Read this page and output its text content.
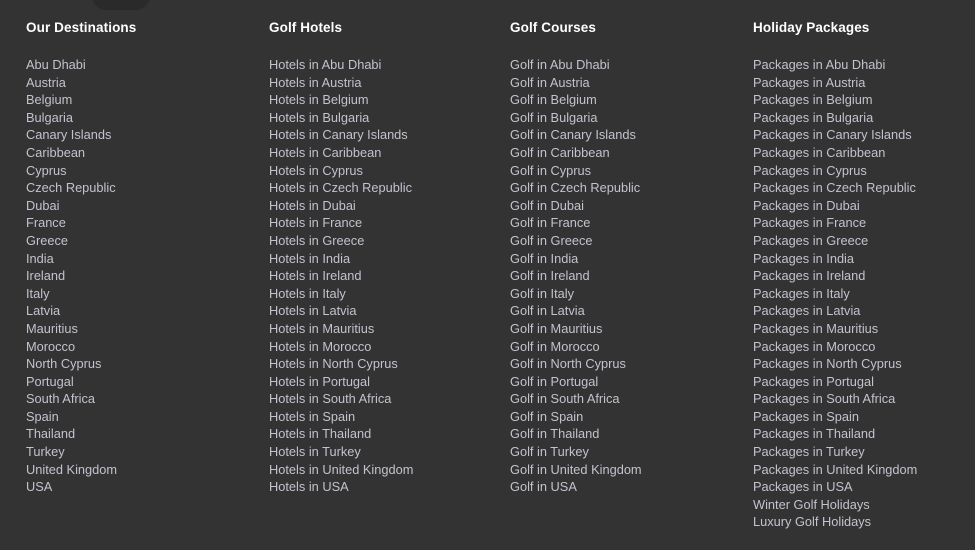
Our Destinations
Abu Dhabi
Austria
Belgium
Bulgaria
Canary Islands
Caribbean
Cyprus
Czech Republic
Dubai
France
Greece
India
Ireland
Italy
Latvia
Mauritius
Morocco
North Cyprus
Portugal
South Africa
Spain
Thailand
Turkey
United Kingdom
USA
Golf Hotels
Hotels in Abu Dhabi
Hotels in Austria
Hotels in Belgium
Hotels in Bulgaria
Hotels in Canary Islands
Hotels in Caribbean
Hotels in Cyprus
Hotels in Czech Republic
Hotels in Dubai
Hotels in France
Hotels in Greece
Hotels in India
Hotels in Ireland
Hotels in Italy
Hotels in Latvia
Hotels in Mauritius
Hotels in Morocco
Hotels in North Cyprus
Hotels in Portugal
Hotels in South Africa
Hotels in Spain
Hotels in Thailand
Hotels in Turkey
Hotels in United Kingdom
Hotels in USA
Golf Courses
Golf in Abu Dhabi
Golf in Austria
Golf in Belgium
Golf in Bulgaria
Golf in Canary Islands
Golf in Caribbean
Golf in Cyprus
Golf in Czech Republic
Golf in Dubai
Golf in France
Golf in Greece
Golf in India
Golf in Ireland
Golf in Italy
Golf in Latvia
Golf in Mauritius
Golf in Morocco
Golf in North Cyprus
Golf in Portugal
Golf in South Africa
Golf in Spain
Golf in Thailand
Golf in Turkey
Golf in United Kingdom
Golf in USA
Holiday Packages
Packages in Abu Dhabi
Packages in Austria
Packages in Belgium
Packages in Bulgaria
Packages in Canary Islands
Packages in Caribbean
Packages in Cyprus
Packages in Czech Republic
Packages in Dubai
Packages in France
Packages in Greece
Packages in India
Packages in Ireland
Packages in Italy
Packages in Latvia
Packages in Mauritius
Packages in Morocco
Packages in North Cyprus
Packages in Portugal
Packages in South Africa
Packages in Spain
Packages in Thailand
Packages in Turkey
Packages in United Kingdom
Packages in USA
Winter Golf Holidays
Luxury Golf Holidays
